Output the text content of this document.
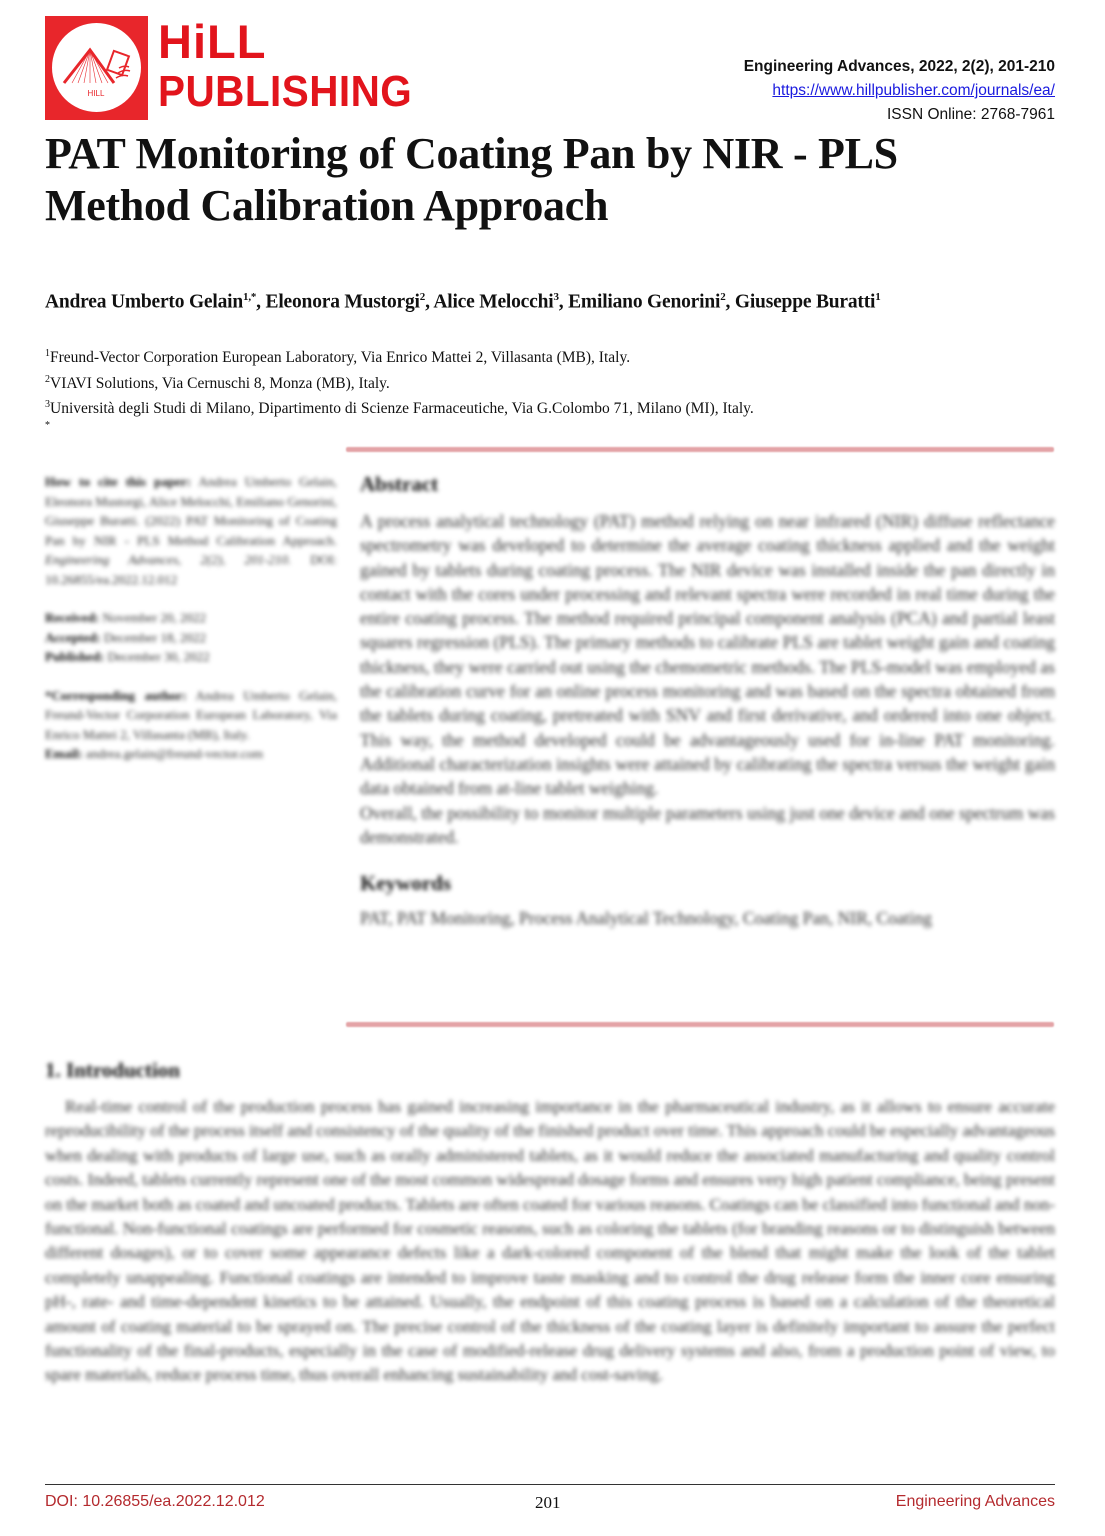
HILL
HiLL
PUBLISHING
Engineering Advances, 2022, 2(2), 201-210
https://www.hillpublisher.com/journals/ea/
ISSN Online: 2768-7961
PAT Monitoring of Coating Pan by NIR - PLS Method Calibration Approach
Andrea Umberto Gelain$^{1,*}$, Eleonora Mustorgi$^2$, Alice Melocchi$^3$, Emiliano Genorini$^2$, Giuseppe Buratti$^1$
$^1$Freund-Vector Corporation European Laboratory, Via Enrico Mattei 2, Villasanta (MB), Italy.
$^2$VIAVI Solutions, Via Cernuschi 8, Monza (MB), Italy.
$^3$Università degli Studi di Milano, Dipartimento di Scienze Farmaceutiche, Via G.Colombo 71, Milano (MI), Italy.
*

How to cite this paper: Andrea Umberto Gelain, Eleonora Mustorgi, Alice Melocchi, Emiliano Genorini, Giuseppe Buratti. (2022) PAT Monitoring of Coating Pan by NIR - PLS Method Calibration Approach. Engineering Advances, 2(2), 201-210. DOI: 10.26855/ea.2022.12.012

Received: November 20, 2022
Accepted: December 18, 2022
Published: December 30, 2022

*Corresponding author: Andrea Umberto Gelain, Freund-Vector Corporation European Laboratory, Via Enrico Mattei 2, Villasanta (MB), Italy.
Email: andrea.gelain@freund-vector.com

Abstract
A process analytical technology (PAT) method relying on near infrared (NIR) diffuse reflectance spectrometry was developed to determine the average coating thickness applied and the weight gained by tablets during coating process. The NIR device was installed inside the pan directly in contact with the cores under processing and relevant spectra were recorded in real time during the entire coating process. The method required principal component analysis (PCA) and partial least squares regression (PLS). The primary methods to calibrate PLS are tablet weight gain and coating thickness, they were carried out using the chemometric methods. The PLS-model was employed as the calibration curve for an online process monitoring and was based on the spectra obtained from the tablets during coating, pretreated with SNV and first derivative, and ordered into one object. This way, the method developed could be advantageously used for in-line PAT monitoring. Additional characterization insights were attained by calibrating the spectra versus the weight gain data obtained from at-line tablet weighing.
Overall, the possibility to monitor multiple parameters using just one device and one spectrum was demonstrated.
Keywords
PAT, PAT Monitoring, Process Analytical Technology, Coating Pan, NIR, Coating
1. Introduction
Real-time control of the production process has gained increasing importance in the pharmaceutical industry, as it allows to ensure accurate reproducibility of the process itself and consistency of the quality of the finished product over time. This approach could be especially advantageous when dealing with products of large use, such as orally administered tablets, as it would reduce the associated manufacturing and quality control costs. Indeed, tablets currently represent one of the most common widespread dosage forms and ensures very high patient compliance, being present on the market both as coated and uncoated products. Tablets are often coated for various reasons. Coatings can be classified into functional and non-functional. Non-functional coatings are performed for cosmetic reasons, such as coloring the tablets (for branding reasons or to distinguish between different dosages), or to cover some appearance defects like a dark-colored component of the blend that might make the look of the tablet completely unappealing. Functional coatings are intended to improve taste masking and to control the drug release form the inner core ensuring pH-, rate- and time-dependent kinetics to be attained. Usually, the endpoint of this coating process is based on a calculation of the theoretical amount of coating material to be sprayed on. The precise control of the thickness of the coating layer is definitely important to assure the perfect functionality of the final-products, especially in the case of modified-release drug delivery systems and also, from a production point of view, to spare materials, reduce process time, thus overall enhancing sustainability and cost-saving.
DOI: 10.26855/ea.2022.12.012	201	Engineering Advances
